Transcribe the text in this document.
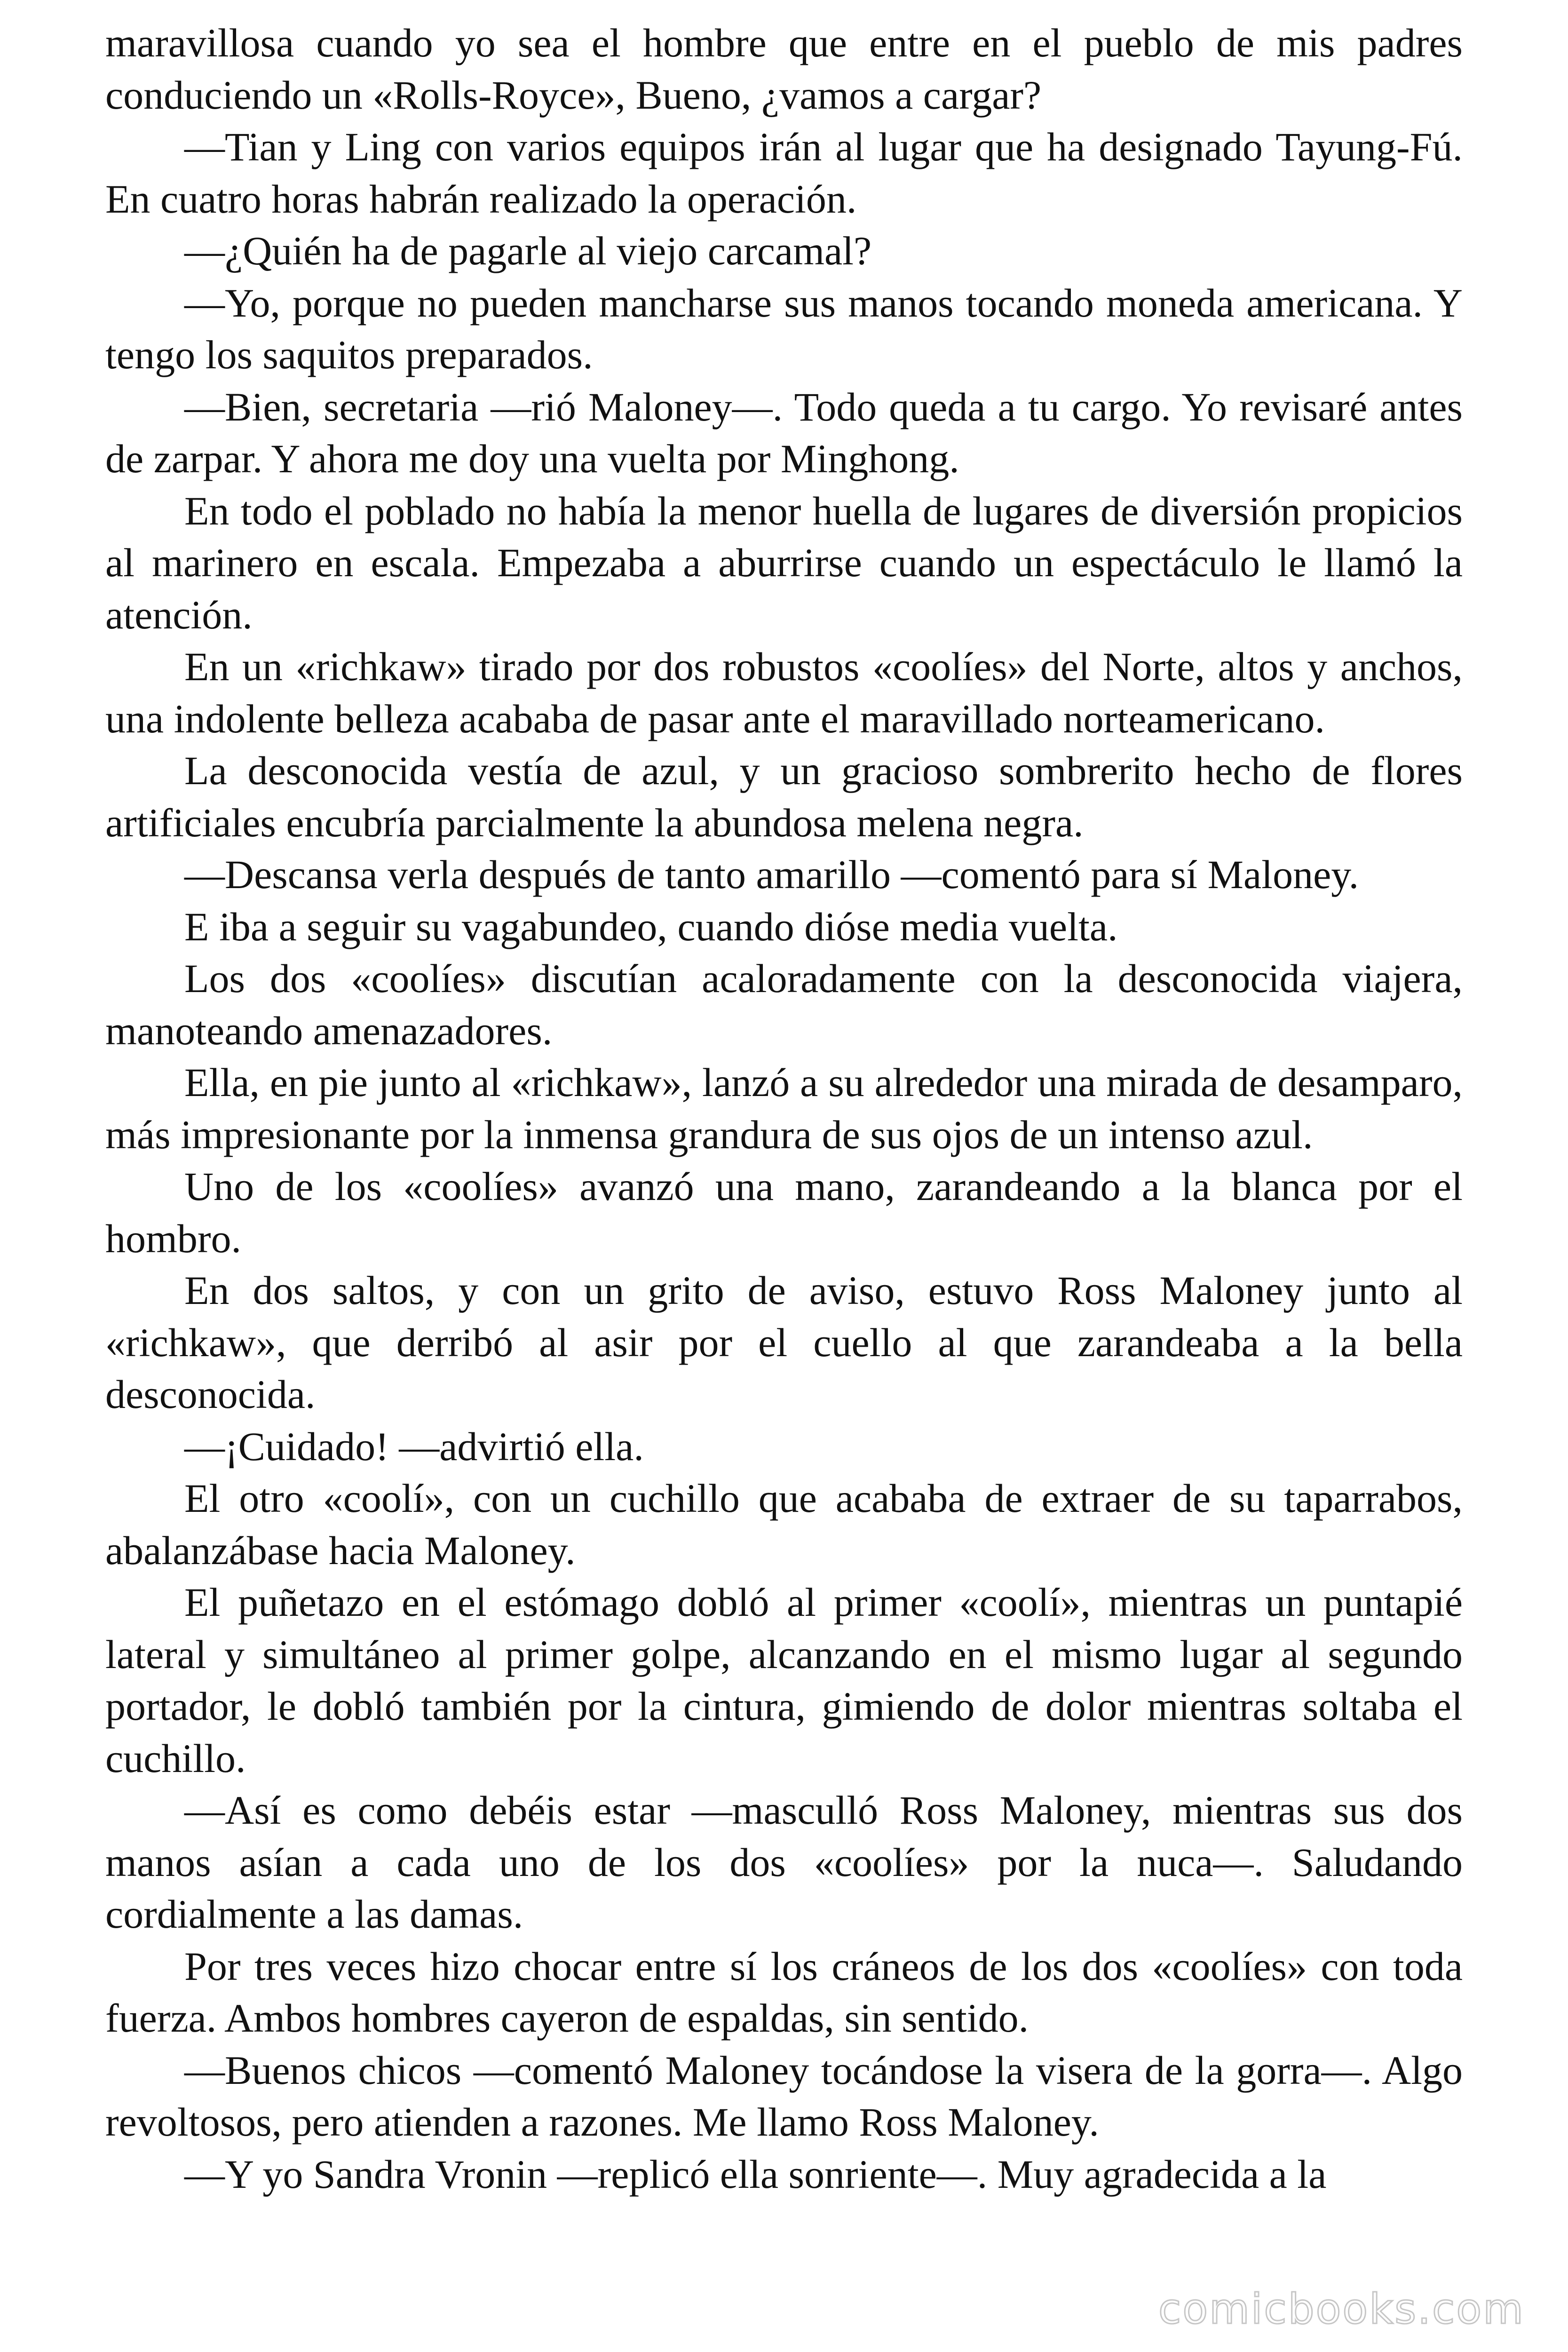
maravillosa cuando yo sea el hombre que entre en el pueblo de mis padres conduciendo un «Rolls-Royce», Bueno, ¿vamos a cargar?

—Tian y Ling con varios equipos irán al lugar que ha designado Tayung-Fú. En cuatro horas habrán realizado la operación.

—¿Quién ha de pagarle al viejo carcamal?

—Yo, porque no pueden mancharse sus manos tocando moneda americana. Y tengo los saquitos preparados.

—Bien, secretaria —rió Maloney—. Todo queda a tu cargo. Yo revisaré antes de zarpar. Y ahora me doy una vuelta por Minghong.

En todo el poblado no había la menor huella de lugares de diversión propicios al marinero en escala. Empezaba a aburrirse cuando un espectáculo le llamó la atención.

En un «richkaw» tirado por dos robustos «coolíes» del Norte, altos y anchos, una indolente belleza acababa de pasar ante el maravillado norteamericano.

La desconocida vestía de azul, y un gracioso sombrerito hecho de flores artificiales encubría parcialmente la abundosa melena negra.

—Descansa verla después de tanto amarillo —comentó para sí Maloney.

E iba a seguir su vagabundeo, cuando dióse media vuelta.

Los dos «coolíes» discutían acaloradamente con la desconocida viajera, manoteando amenazadores.

Ella, en pie junto al «richkaw», lanzó a su alrededor una mirada de desamparo, más impresionante por la inmensa grandura de sus ojos de un intenso azul.

Uno de los «coolíes» avanzó una mano, zarandeando a la blanca por el hombro.

En dos saltos, y con un grito de aviso, estuvo Ross Maloney junto al «richkaw», que derribó al asir por el cuello al que zarandeaba a la bella desconocida.

—¡Cuidado! —advirtió ella.

El otro «coolí», con un cuchillo que acababa de extraer de su taparrabos, abalanzábase hacia Maloney.

El puñetazo en el estómago dobló al primer «coolí», mientras un puntapié lateral y simultáneo al primer golpe, alcanzando en el mismo lugar al segundo portador, le dobló también por la cintura, gimiendo de dolor mientras soltaba el cuchillo.

—Así es como debéis estar —masculló Ross Maloney, mientras sus dos manos asían a cada uno de los dos «coolíes» por la nuca—. Saludando cordialmente a las damas.

Por tres veces hizo chocar entre sí los cráneos de los dos «coolíes» con toda fuerza. Ambos hombres cayeron de espaldas, sin sentido.

—Buenos chicos —comentó Maloney tocándose la visera de la gorra—. Algo revoltosos, pero atienden a razones. Me llamo Ross Maloney.

—Y yo Sandra Vronin —replicó ella sonriente—. Muy agradecida a la

comicbooks.com
